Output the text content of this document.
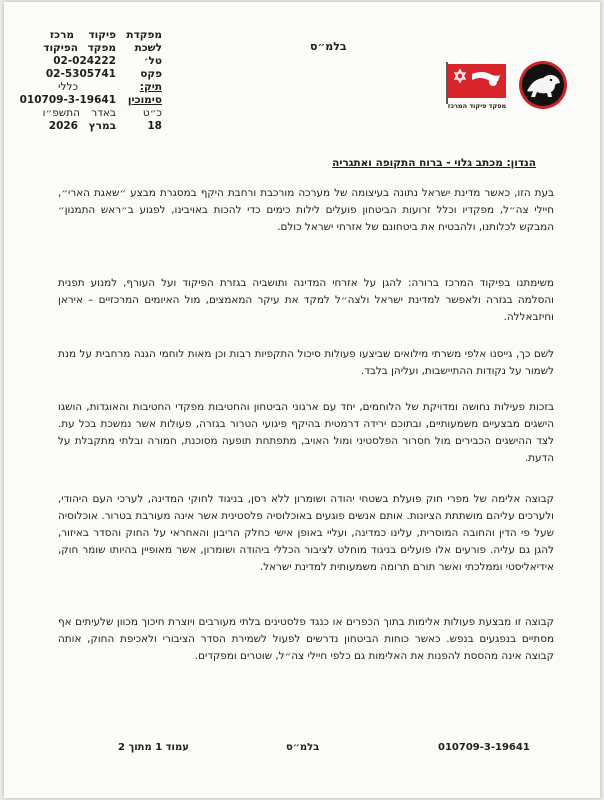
מפקדת
לשכת
פיקוד
מפקד
מרכז
הפיקוד
טל׳
02-024222
פקס
02-5305741
תיק:
כללי
סימוכין
010709-3-19641
כ״ט
באדר
התשפ״ו
18
במרץ
2026
בלמ״ס
מפקד פיקוד המרכז
הנדון: מכתב גלוי - ברוח התקופה ואתגריה

בעת הזו, כאשר מדינת ישראל נתונה בעיצומה של מערכה מורכבת ורחבת היקף במסגרת מבצע ״שאגת הארי״, חיילי צה״ל, מפקדיו וכלל זרועות הביטחון פועלים לילות כימים כדי להכות באויבינו, לפגוע ב״ראש התמנון״ המבקש לכלותנו, ולהבטיח את ביטחונם של אזרחי ישראל כולם.

משימתנו בפיקוד המרכז ברורה: להגן על אזרחי המדינה ותושביה בגזרת הפיקוד ועל העורף, למנוע תפנית והסלמה בגזרה ולאפשר למדינת ישראל ולצה״ל למקד את עיקר המאמצים, מול האיומים המרכזיים – איראן וחיזבאללה.

לשם כך, גייסנו אלפי משרתי מילואים שביצעו פעולות סיכול התקפיות רבות וכן מאות לוחמי הגנה מרחבית על מנת לשמור על נקודות ההתיישבות, ועליהן בלבד.

בזכות פעילות נחושה ומדויקת של הלוחמים, יחד עם ארגוני הביטחון והחטיבות מפקדי החטיבות והאוגדות, הושגו הישגים מבצעיים משמעותיים, ובתוכם ירידה דרמטית בהיקף פיגועי הטרור בגזרה, פעולות אשר נמשכת בכל עת. לצד ההישגים הכבירים מול חסרור הפלסטיני ומול האויב, מתפתחת תופעה מסוכנת, חמורה ובלתי מתקבלת על הדעת.

קבוצה אלימה של מפרי חוק פועלת בשטחי יהודה ושומרון ללא רסן, בניגוד לחוקי המדינה, לערכי העם היהודי, ולערכים עליהם מושתתת הציונות. אותם אנשים פוגעים באוכלוסיה פלסטינית אשר אינה מעורבת בטרור. אוכלוסיה שעל פי הדין והחובה המוסרית, עלינו כמדינה, ועליי באופן אישי כחלק הריבון והאחראי על החוק והסדר באיזור, להגן גם עליה. פורעים אלו פועלים בניגוד מוחלט לציבור הכללי ביהודה ושומרון, אשר מאופיין בהיותו שומר חוק, אידיאליסטי וממלכתי ואשר תורם תרומה משמעותית למדינת ישראל.

קבוצה זו מבצעת פעולות אלימות בתוך הכפרים או כנגד פלסטינים בלתי מעורבים ויוצרת חיכוך מכוון שלעיתים אף מסתיים בנפגעים בנפש. כאשר כוחות הביטחון נדרשים לפעול לשמירת הסדר הציבורי ולאכיפת החוק, אותה קבוצה אינה מהססת להפנות את האלימות גם כלפי חיילי צה״ל, שוטרים ומפקדים.

עמוד 1 מתוך 2	בלמ״ס	010709-3-19641
